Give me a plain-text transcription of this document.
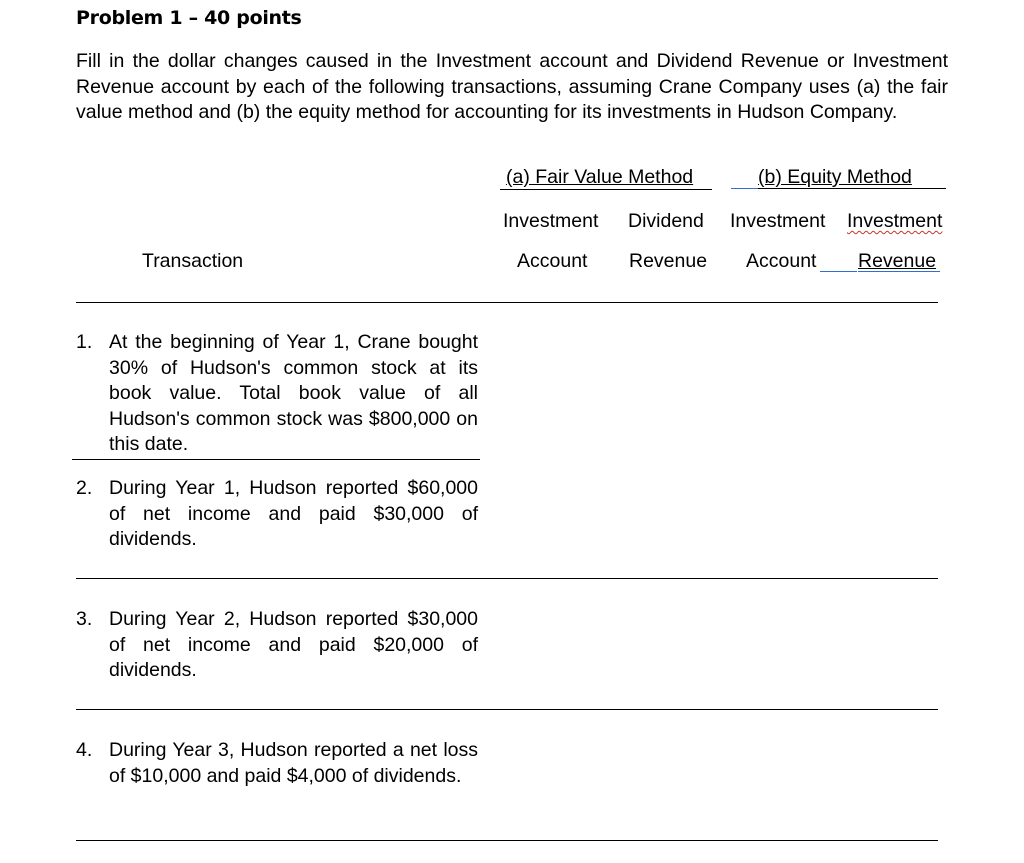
Problem 1 – 40 points
Fill in the dollar changes caused in the Investment account and Dividend Revenue or Investment Revenue account by each of the following transactions, assuming Crane Company uses (a) the fair value method and (b) the equity method for accounting for its investments in Hudson Company.
(a) Fair Value Method	(b) Equity Method
Investment Dividend Investment Investment
Transaction	Account Revenue Account Revenue
1. At the beginning of Year 1, Crane bought 30% of Hudson's common stock at its book value. Total book value of all Hudson's common stock was $800,000 on this date.
2. During Year 1, Hudson reported $60,000 of net income and paid $30,000 of dividends.
3. During Year 2, Hudson reported $30,000 of net income and paid $20,000 of dividends.
4. During Year 3, Hudson reported a net loss of $10,000 and paid $4,000 of dividends.
